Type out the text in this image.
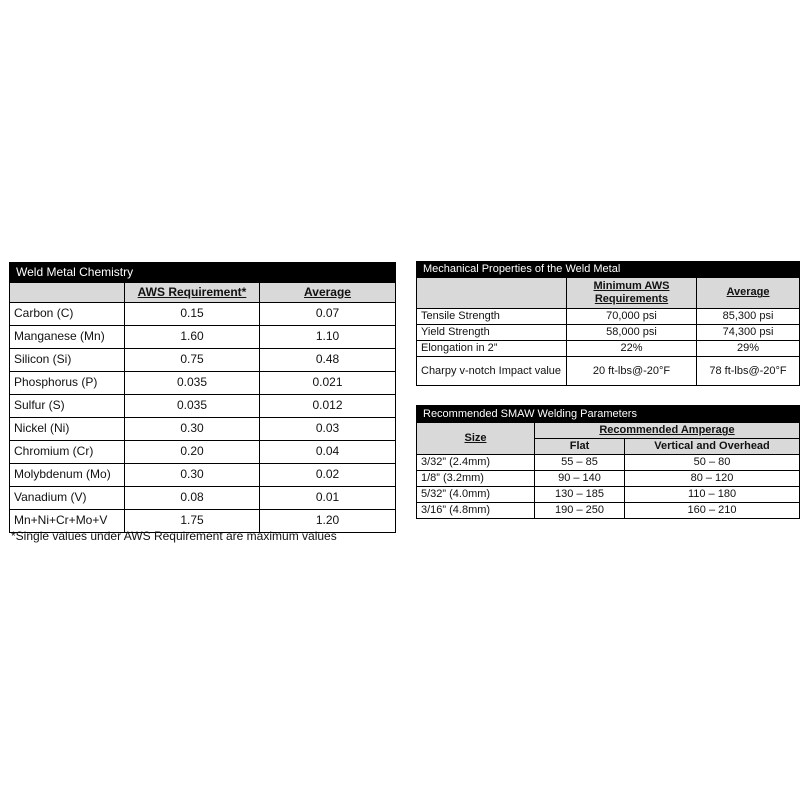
Weld Metal Chemistry		
	AWS Requirement*	Average
Carbon (C)	0.15	0.07
Manganese (Mn)	1.60	1.10
Silicon (Si)	0.75	0.48
Phosphorus (P)	0.035	0.021
Sulfur (S)	0.035	0.012
Nickel (Ni)	0.30	0.03
Chromium (Cr)	0.20	0.04
Molybdenum (Mo)	0.30	0.02
Vanadium (V)	0.08	0.01
Mn+Ni+Cr+Mo+V	1.75	1.20
*Single values under AWS Requirement are maximum values
Mechanical Properties of the Weld Metal		
	Minimum AWS Requirements	Average
Tensile Strength	70,000 psi	85,300 psi
Yield Strength	58,000 psi	74,300 psi
Elongation in 2”	22%	29%
Charpy v-notch Impact value	20 ft-lbs@-20°F	78 ft-lbs@-20°F
Recommended SMAW Welding Parameters		
Size	Recommended Amperage	
	Flat	Vertical and Overhead
3/32” (2.4mm)	55 – 85	50 – 80
1/8” (3.2mm)	90 – 140	80 – 120
5/32” (4.0mm)	130 – 185	110 – 180
3/16” (4.8mm)	190 – 250	160 – 210
